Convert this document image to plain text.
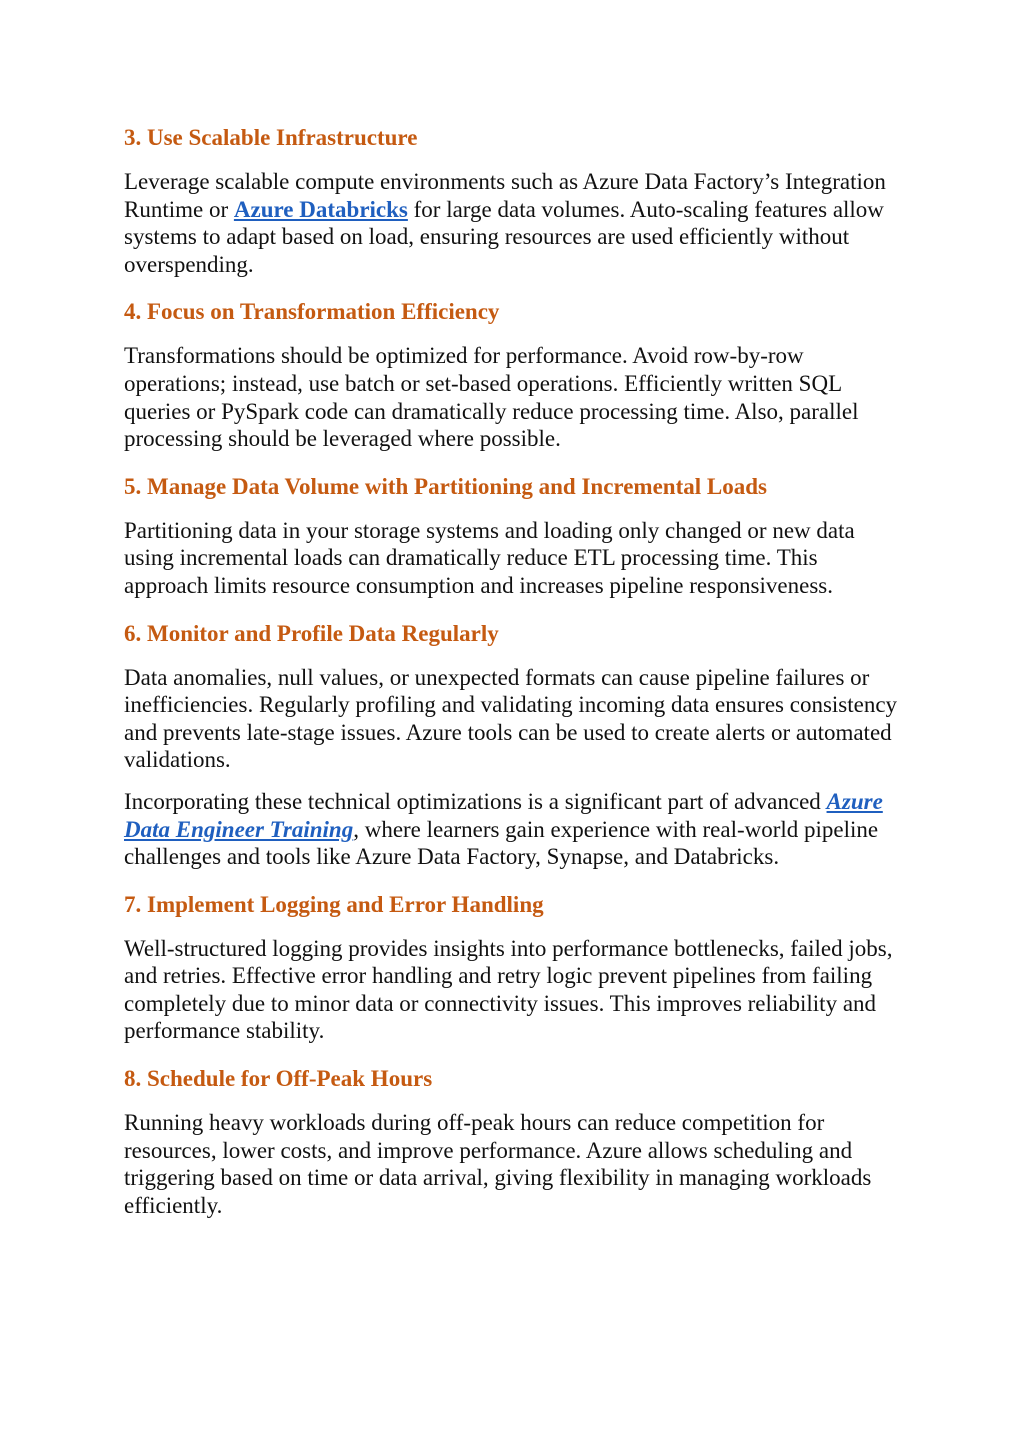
3. Use Scalable Infrastructure

Leverage scalable compute environments such as Azure Data Factory’s Integration Runtime or Azure Databricks for large data volumes. Auto-scaling features allow systems to adapt based on load, ensuring resources are used efficiently without overspending.

4. Focus on Transformation Efficiency

Transformations should be optimized for performance. Avoid row-by-row operations; instead, use batch or set-based operations. Efficiently written SQL queries or PySpark code can dramatically reduce processing time. Also, parallel processing should be leveraged where possible.

5. Manage Data Volume with Partitioning and Incremental Loads

Partitioning data in your storage systems and loading only changed or new data using incremental loads can dramatically reduce ETL processing time. This approach limits resource consumption and increases pipeline responsiveness.

6. Monitor and Profile Data Regularly

Data anomalies, null values, or unexpected formats can cause pipeline failures or inefficiencies. Regularly profiling and validating incoming data ensures consistency and prevents late-stage issues. Azure tools can be used to create alerts or automated validations.

Incorporating these technical optimizations is a significant part of advanced Azure Data Engineer Training, where learners gain experience with real-world pipeline challenges and tools like Azure Data Factory, Synapse, and Databricks.

7. Implement Logging and Error Handling

Well-structured logging provides insights into performance bottlenecks, failed jobs, and retries. Effective error handling and retry logic prevent pipelines from failing completely due to minor data or connectivity issues. This improves reliability and performance stability.

8. Schedule for Off-Peak Hours

Running heavy workloads during off-peak hours can reduce competition for resources, lower costs, and improve performance. Azure allows scheduling and triggering based on time or data arrival, giving flexibility in managing workloads efficiently.
